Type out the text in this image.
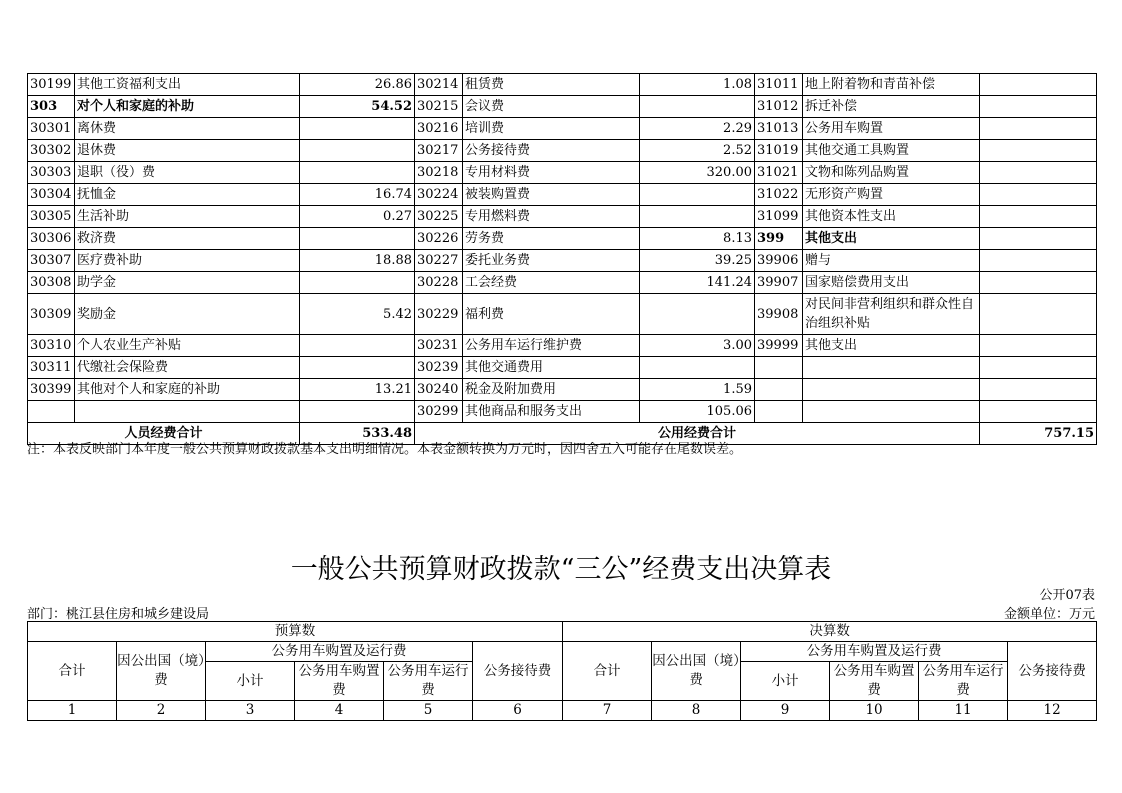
30199	其他工资福利支出	26.86	30214	租赁费	1.08	31011	地上附着物和青苗补偿	
303	对个人和家庭的补助	54.52	30215	会议费		31012	拆迁补偿	
30301	离休费		30216	培训费	2.29	31013	公务用车购置	
30302	退休费		30217	公务接待费	2.52	31019	其他交通工具购置	
30303	退职（役）费		30218	专用材料费	320.00	31021	文物和陈列品购置	
30304	抚恤金	16.74	30224	被装购置费		31022	无形资产购置	
30305	生活补助	0.27	30225	专用燃料费		31099	其他资本性支出	
30306	救济费		30226	劳务费	8.13	399	其他支出	
30307	医疗费补助	18.88	30227	委托业务费	39.25	39906	赠与	
30308	助学金		30228	工会经费	141.24	39907	国家赔偿费用支出	
30309	奖励金	5.42	30229	福利费		39908	对民间非营利组织和群众性自治组织补贴	
30310	个人农业生产补贴		30231	公务用车运行维护费	3.00	39999	其他支出	
30311	代缴社会保险费		30239	其他交通费用				
30399	其他对个人和家庭的补助	13.21	30240	税金及附加费用	1.59			
			30299	其他商品和服务支出	105.06			
人员经费合计		533.48	公用经费合计					757.15
注：本表反映部门本年度一般公共预算财政拨款基本支出明细情况。本表金额转换为万元时，因四舍五入可能存在尾数误差。
一般公共预算财政拨款“三公”经费支出决算表
公开07表
部门：桃江县住房和城乡建设局	金额单位：万元
预算数						决算数					
合计	因公出国（境）费	公务用车购置及运行费			公务接待费	合计	因公出国（境）费	公务用车购置及运行费			公务接待费
		小计	公务用车购置费	公务用车运行费				小计	公务用车购置费	公务用车运行费	
1	2	3	4	5	6	7	8	9	10	11	12
